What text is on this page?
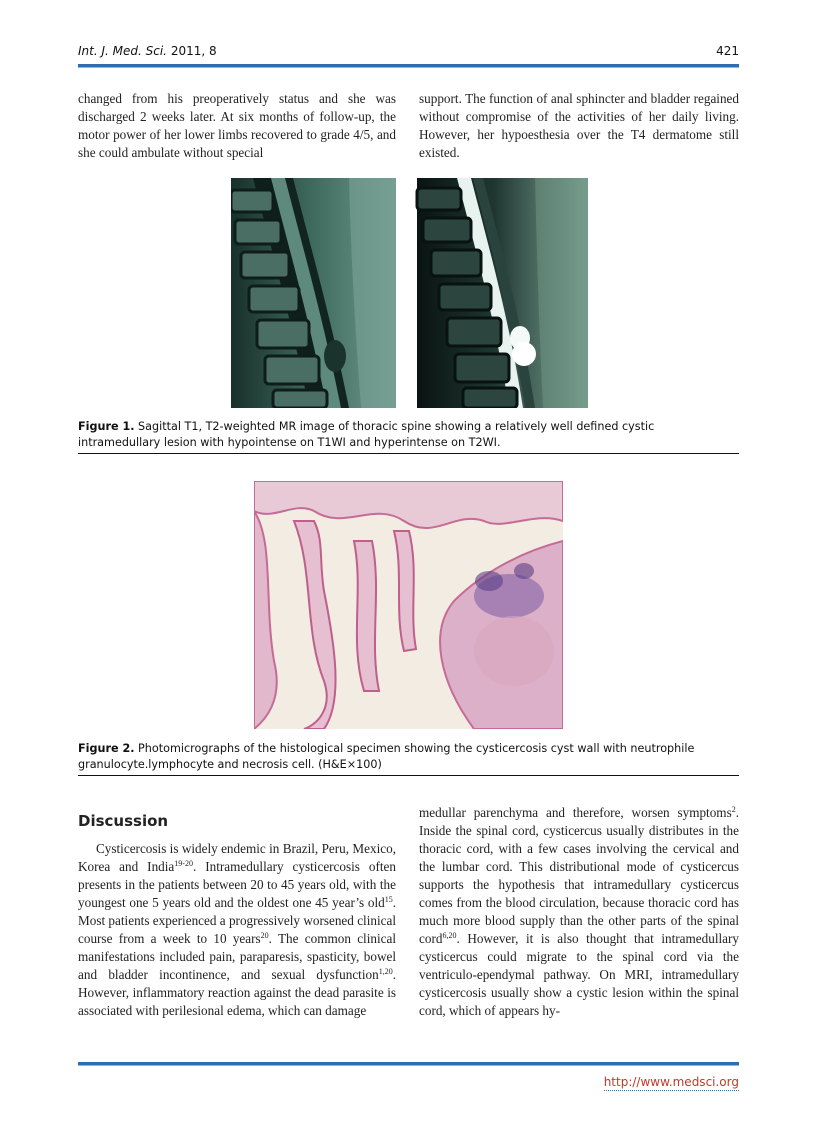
Int. J. Med. Sci. 2011, 8	421

changed from his preoperatively status and she was discharged 2 weeks later. At six months of follow-up, the motor power of her lower limbs recovered to grade 4/5, and she could ambulate without special

support. The function of anal sphincter and bladder regained without compromise of the activities of her daily living. However, her hypoesthesia over the T4 dermatome still existed.

Figure 1. Sagittal T1, T2-weighted MR image of thoracic spine showing a relatively well defined cystic intramedullary lesion with hypointense on T1WI and hyperintense on T2WI.
Figure 2. Photomicrographs of the histological specimen showing the cysticercosis cyst wall with neutrophile granulocyte.lymphocyte and necrosis cell. (H&E×100)
Discussion

Cysticercosis is widely endemic in Brazil, Peru, Mexico, Korea and India$^{19-20}$. Intramedullary cysticercosis often presents in the patients between 20 to 45 years old, with the youngest one 5 years old and the oldest one 45 year’s old$^{15}$. Most patients experienced a progressively worsened clinical course from a week to 10 years$^{20}$. The common clinical manifestations included pain, paraparesis, spasticity, bowel and bladder incontinence, and sexual dysfunction$^{1,20}$. However, inflammatory reaction against the dead parasite is associated with perilesional edema, which can damage

medullar parenchyma and therefore, worsen symptoms$^2$. Inside the spinal cord, cysticercus usually distributes in the thoracic cord, with a few cases involving the cervical and the lumbar cord. This distributional mode of cysticercus supports the hypothesis that intramedullary cysticercus comes from the blood circulation, because thoracic cord has much more blood supply than the other parts of the spinal cord$^{6,20}$. However, it is also thought that intramedullary cysticercus could migrate to the spinal cord via the ventriculo-ependymal pathway. On MRI, intramedullary cysticercosis usually show a cystic lesion within the spinal cord, which of appears hy-

http://www.medsci.org
